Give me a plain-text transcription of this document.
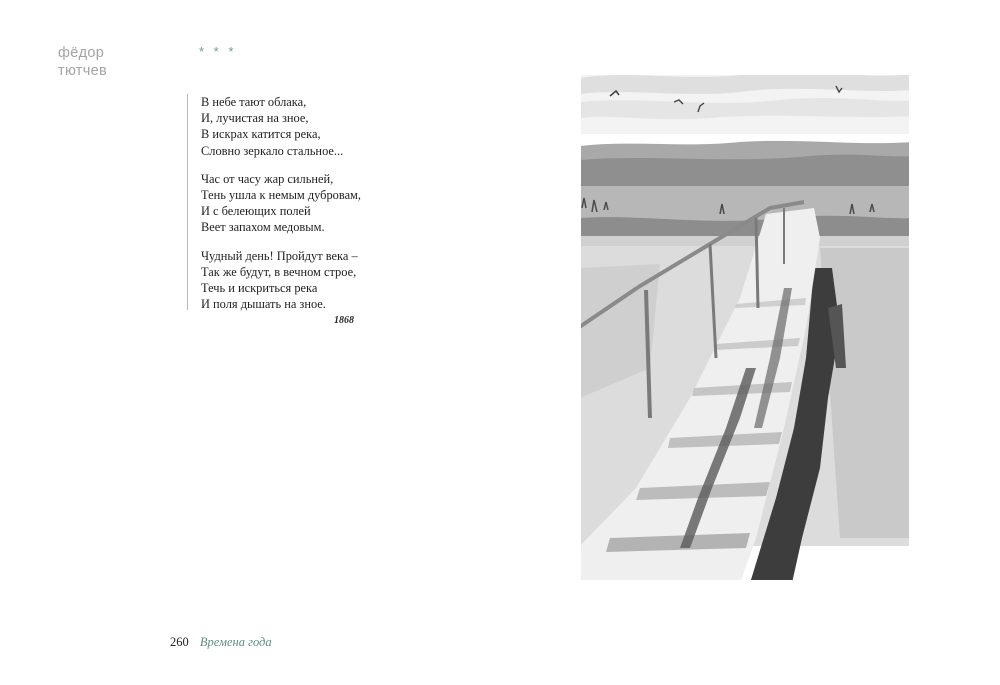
фёдор
тютчев
* * *
В небе тают облака,
И, лучистая на зное,
В искрах катится река,
Словно зеркало стальное...
Час от часу жар сильней,
Тень ушла к немым дубровам,
И с белеющих полей
Веет запахом медовым.
Чудный день! Пройдут века –
Так же будут, в вечном строе,
Течь и искриться река
И поля дышать на зное.
1868
260 Времена года
